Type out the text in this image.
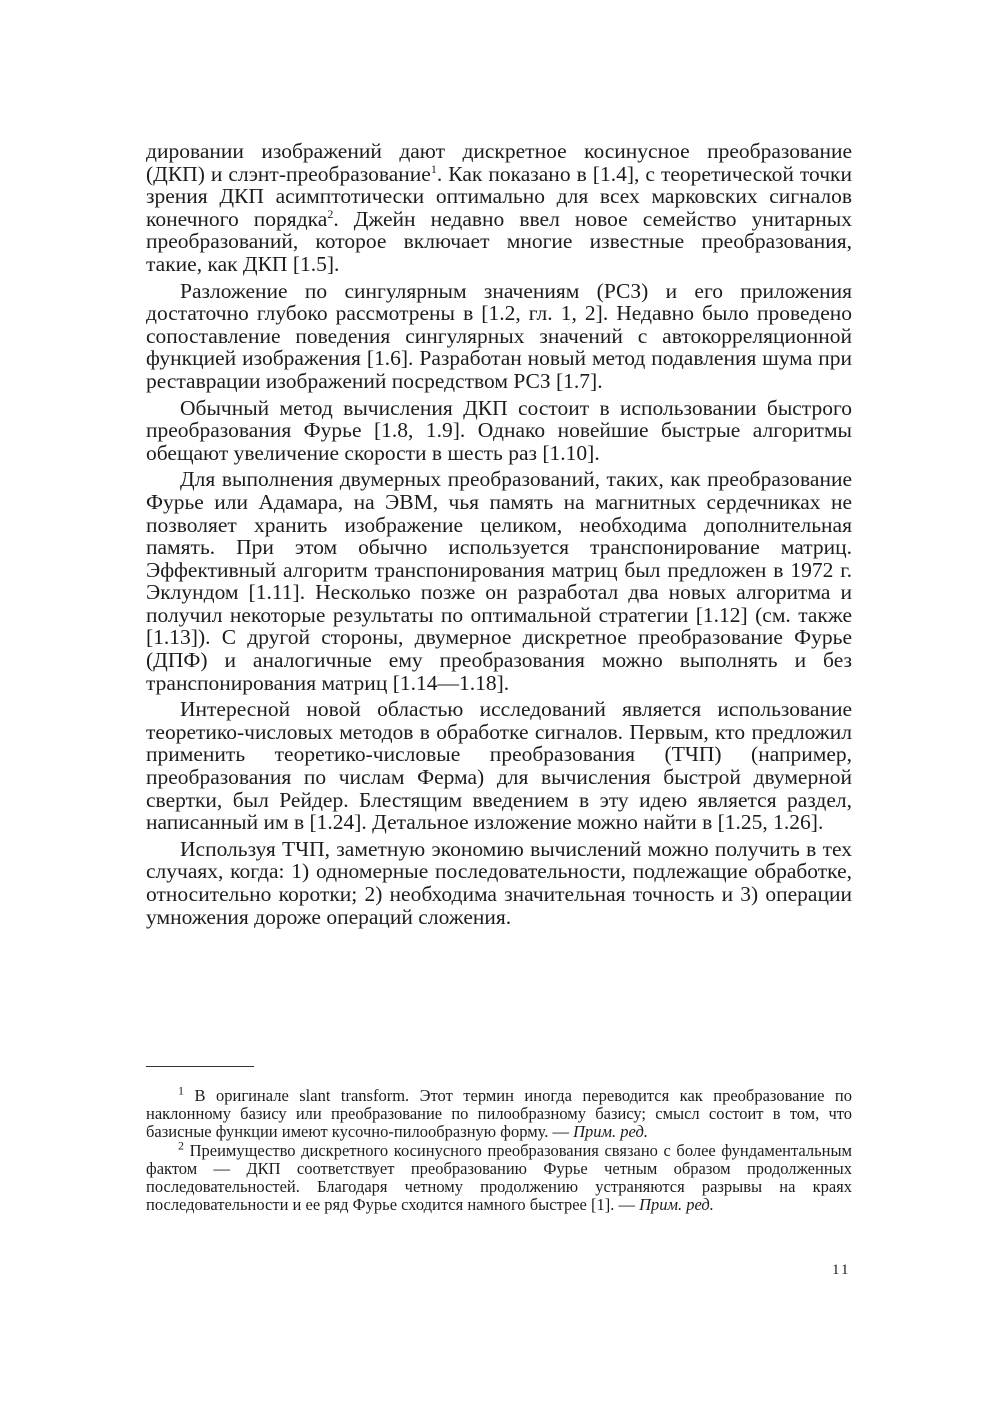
дировании изображений дают дискретное косинусное преобразование (ДКП) и слэнт-преобразование$^1$. Как показано в [1.4], с теоретической точки зрения ДКП асимптотически оптимально для всех марковских сигналов конечного порядка$^2$. Джейн недавно ввел новое семейство унитарных преобразований, которое включает многие известные преобразования, такие, как ДКП [1.5].

Разложение по сингулярным значениям (РСЗ) и его приложения достаточно глубоко рассмотрены в [1.2, гл. 1, 2]. Недавно было проведено сопоставление поведения сингулярных значений с автокорреляционной функцией изображения [1.6]. Разработан новый метод подавления шума при реставрации изображений посредством РСЗ [1.7].

Обычный метод вычисления ДКП состоит в использовании быстрого преобразования Фурье [1.8, 1.9]. Однако новейшие быстрые алгоритмы обещают увеличение скорости в шесть раз [1.10].

Для выполнения двумерных преобразований, таких, как преобразование Фурье или Адамара, на ЭВМ, чья память на магнитных сердечниках не позволяет хранить изображение целиком, необходима дополнительная память. При этом обычно используется транспонирование матриц. Эффективный алгоритм транспонирования матриц был предложен в 1972 г. Эклундом [1.11]. Несколько позже он разработал два новых алгоритма и получил некоторые результаты по оптимальной стратегии [1.12] (см. также [1.13]). С другой стороны, двумерное дискретное преобразование Фурье (ДПФ) и аналогичные ему преобразования можно выполнять и без транспонирования матриц [1.14—1.18].

Интересной новой областью исследований является использование теоретико-числовых методов в обработке сигналов. Первым, кто предложил применить теоретико-числовые преобразования (ТЧП) (например, преобразования по числам Ферма) для вычисления быстрой двумерной свертки, был Рейдер. Блестящим введением в эту идею является раздел, написанный им в [1.24]. Детальное изложение можно найти в [1.25, 1.26].

Используя ТЧП, заметную экономию вычислений можно получить в тех случаях, когда: 1) одномерные последовательности, подлежащие обработке, относительно коротки; 2) необходима значительная точность и 3) операции умножения дороже операций сложения.

$^1$ В оригинале slant transform. Этот термин иногда переводится как преобразование по наклонному базису или преобразование по пилообразному базису; смысл состоит в том, что базисные функции имеют кусочно-пилообразную форму. — Прим. ред.

$^2$ Преимущество дискретного косинусного преобразования связано с более фундаментальным фактом — ДКП соответствует преобразованию Фурье четным образом продолженных последовательностей. Благодаря четному продолжению устраняются разрывы на краях последовательности и ее ряд Фурье сходится намного быстрее [1]. — Прим. ред.

11
